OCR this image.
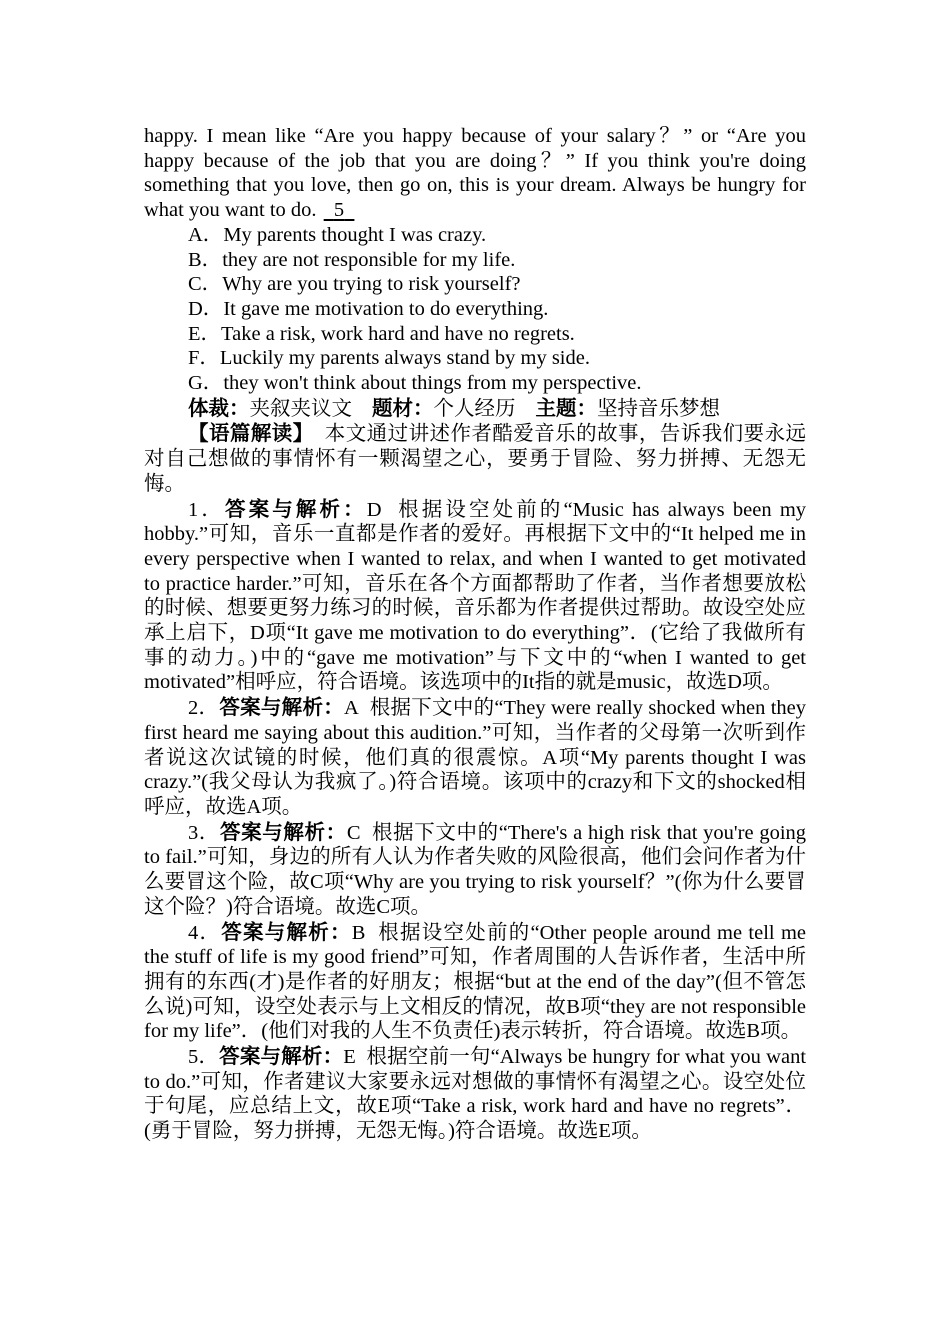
happy. I mean like “Are you happy because of your salary？” or “Are you happy because of the job that you are doing？” If you think you're doing something that you love, then go on, this is your dream. Always be hungry for what you want to do. 5

A．My parents thought I was crazy.

B．they are not responsible for my life.

C．Why are you trying to risk yourself?

D．It gave me motivation to do everything.

E．Take a risk, work hard and have no regrets.

F．Luckily my parents always stand by my side.

G．they won't think about things from my perspective.

体裁：夹叙夹议文 题材：个人经历 主题：坚持音乐梦想

【语篇解读】 本文通过讲述作者酷爱音乐的故事，告诉我们要永远对自己想做的事情怀有一颗渴望之心，要勇于冒险、努力拼搏、无怨无悔。

1．答案与解析：D 根据设空处前的“Music has always been my hobby.”可知，音乐一直都是作者的爱好。再根据下文中的“It helped me in every perspective when I wanted to relax, and when I wanted to get motivated to practice harder.”可知，音乐在各个方面都帮助了作者，当作者想要放松的时候、想要更努力练习的时候，音乐都为作者提供过帮助。故设空处应承上启下，D项“It gave me motivation to do everything”．(它给了我做所有事的动力。)中的“gave me motivation”与下文中的“when I wanted to get motivated”相呼应，符合语境。该选项中的It指的就是music，故选D项。

2．答案与解析：A 根据下文中的“They were really shocked when they first heard me saying about this audition.”可知，当作者的父母第一次听到作者说这次试镜的时候，他们真的很震惊。A项“My parents thought I was crazy.”(我父母认为我疯了。)符合语境。该项中的crazy和下文的shocked相呼应，故选A项。

3．答案与解析：C 根据下文中的“There's a high risk that you're going to fail.”可知，身边的所有人认为作者失败的风险很高，他们会问作者为什么要冒这个险，故C项“Why are you trying to risk yourself？”(你为什么要冒这个险？)符合语境。故选C项。

4．答案与解析：B 根据设空处前的“Other people around me tell me the stuff of life is my good friend”可知，作者周围的人告诉作者，生活中所拥有的东西(才)是作者的好朋友；根据“but at the end of the day”(但不管怎么说)可知，设空处表示与上文相反的情况，故B项“they are not responsible for my life”．(他们对我的人生不负责任)表示转折，符合语境。故选B项。

5．答案与解析：E 根据空前一句“Always be hungry for what you want to do.”可知，作者建议大家要永远对想做的事情怀有渴望之心。设空处位于句尾，应总结上文，故E项“Take a risk, work hard and have no regrets”．(勇于冒险，努力拼搏，无怨无悔。)符合语境。故选E项。
